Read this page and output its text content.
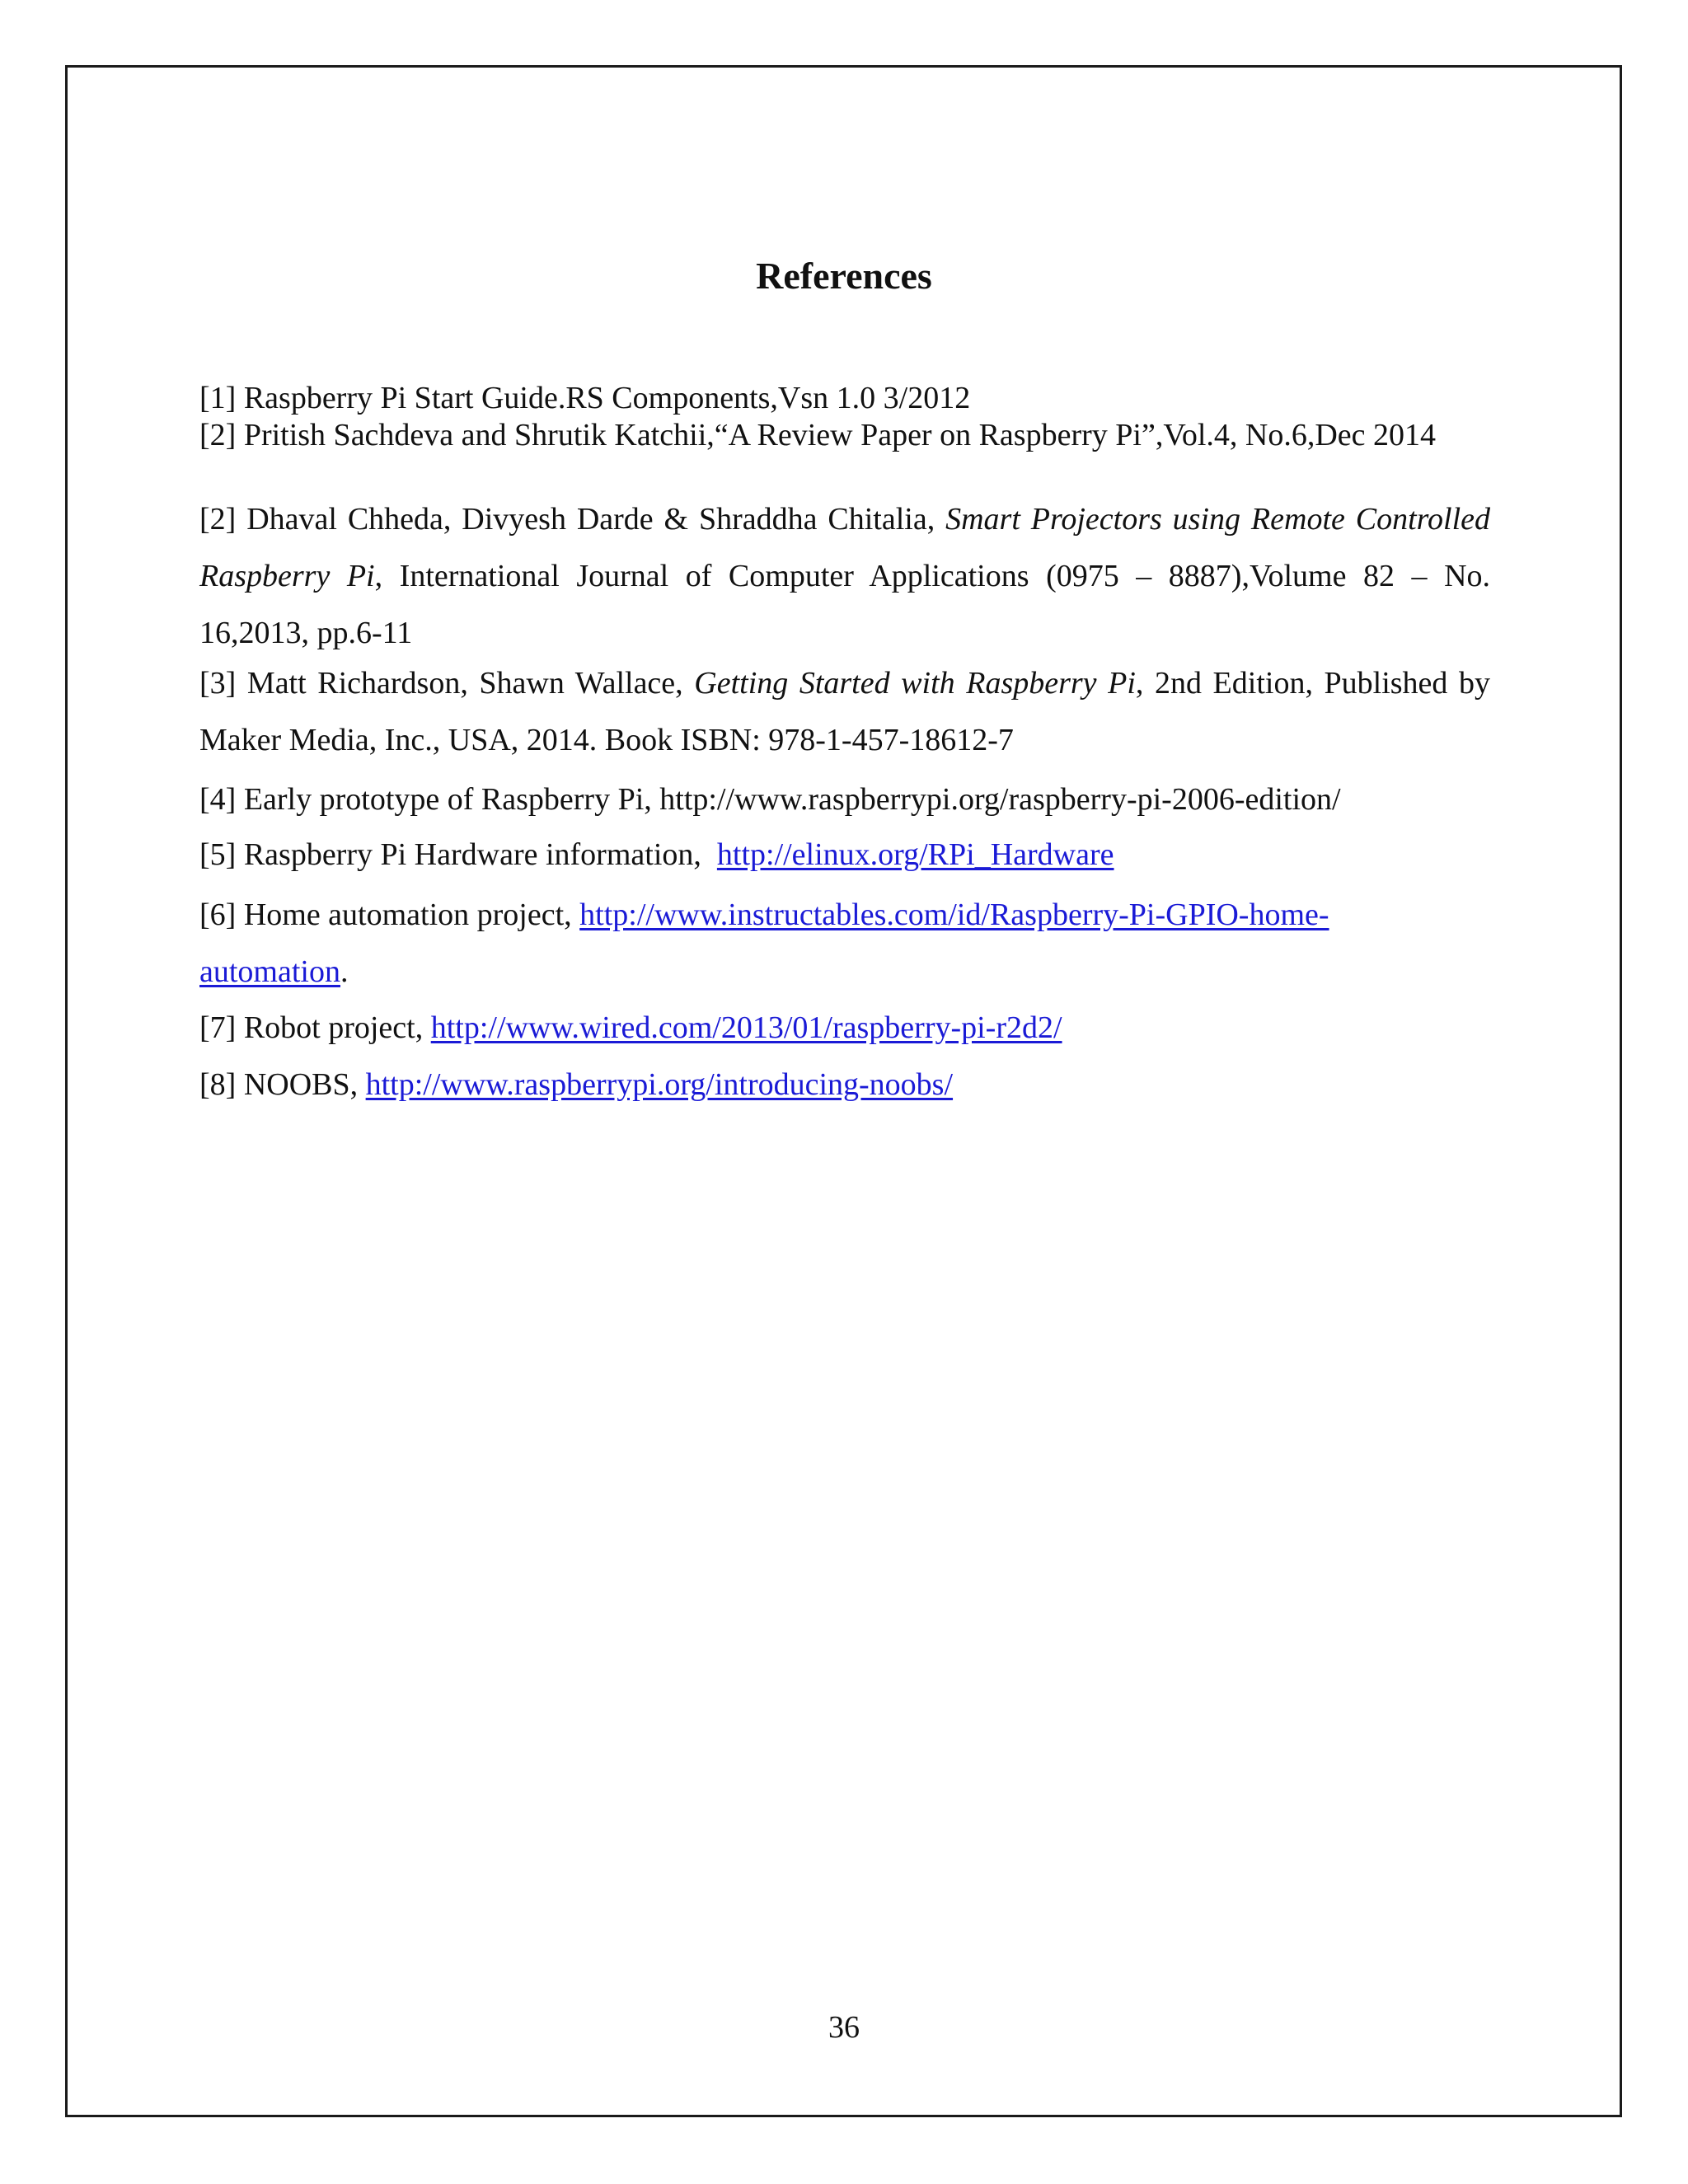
References

[1] Raspberry Pi Start Guide.RS Components,Vsn 1.0 3/2012

[2] Pritish Sachdeva and Shrutik Katchii,“A Review Paper on Raspberry Pi”,Vol.4, No.6,Dec 2014

[2] Dhaval Chheda, Divyesh Darde & Shraddha Chitalia, Smart Projectors using Remote Controlled Raspberry Pi, International Journal of Computer Applications (0975 – 8887),Volume 82 – No. 16,2013, pp.6-11

[3] Matt Richardson, Shawn Wallace, Getting Started with Raspberry Pi, 2nd Edition, Published by Maker Media, Inc., USA, 2014. Book ISBN: 978-1-457-18612-7

[4] Early prototype of Raspberry Pi, http://www.raspberrypi.org/raspberry-pi-2006-edition/

[5] Raspberry Pi Hardware information, http://elinux.org/RPi_Hardware

[6] Home automation project, http://www.instructables.com/id/Raspberry-Pi-GPIO-home-automation.

[7] Robot project, http://www.wired.com/2013/01/raspberry-pi-r2d2/

[8] NOOBS, http://www.raspberrypi.org/introducing-noobs/

36
